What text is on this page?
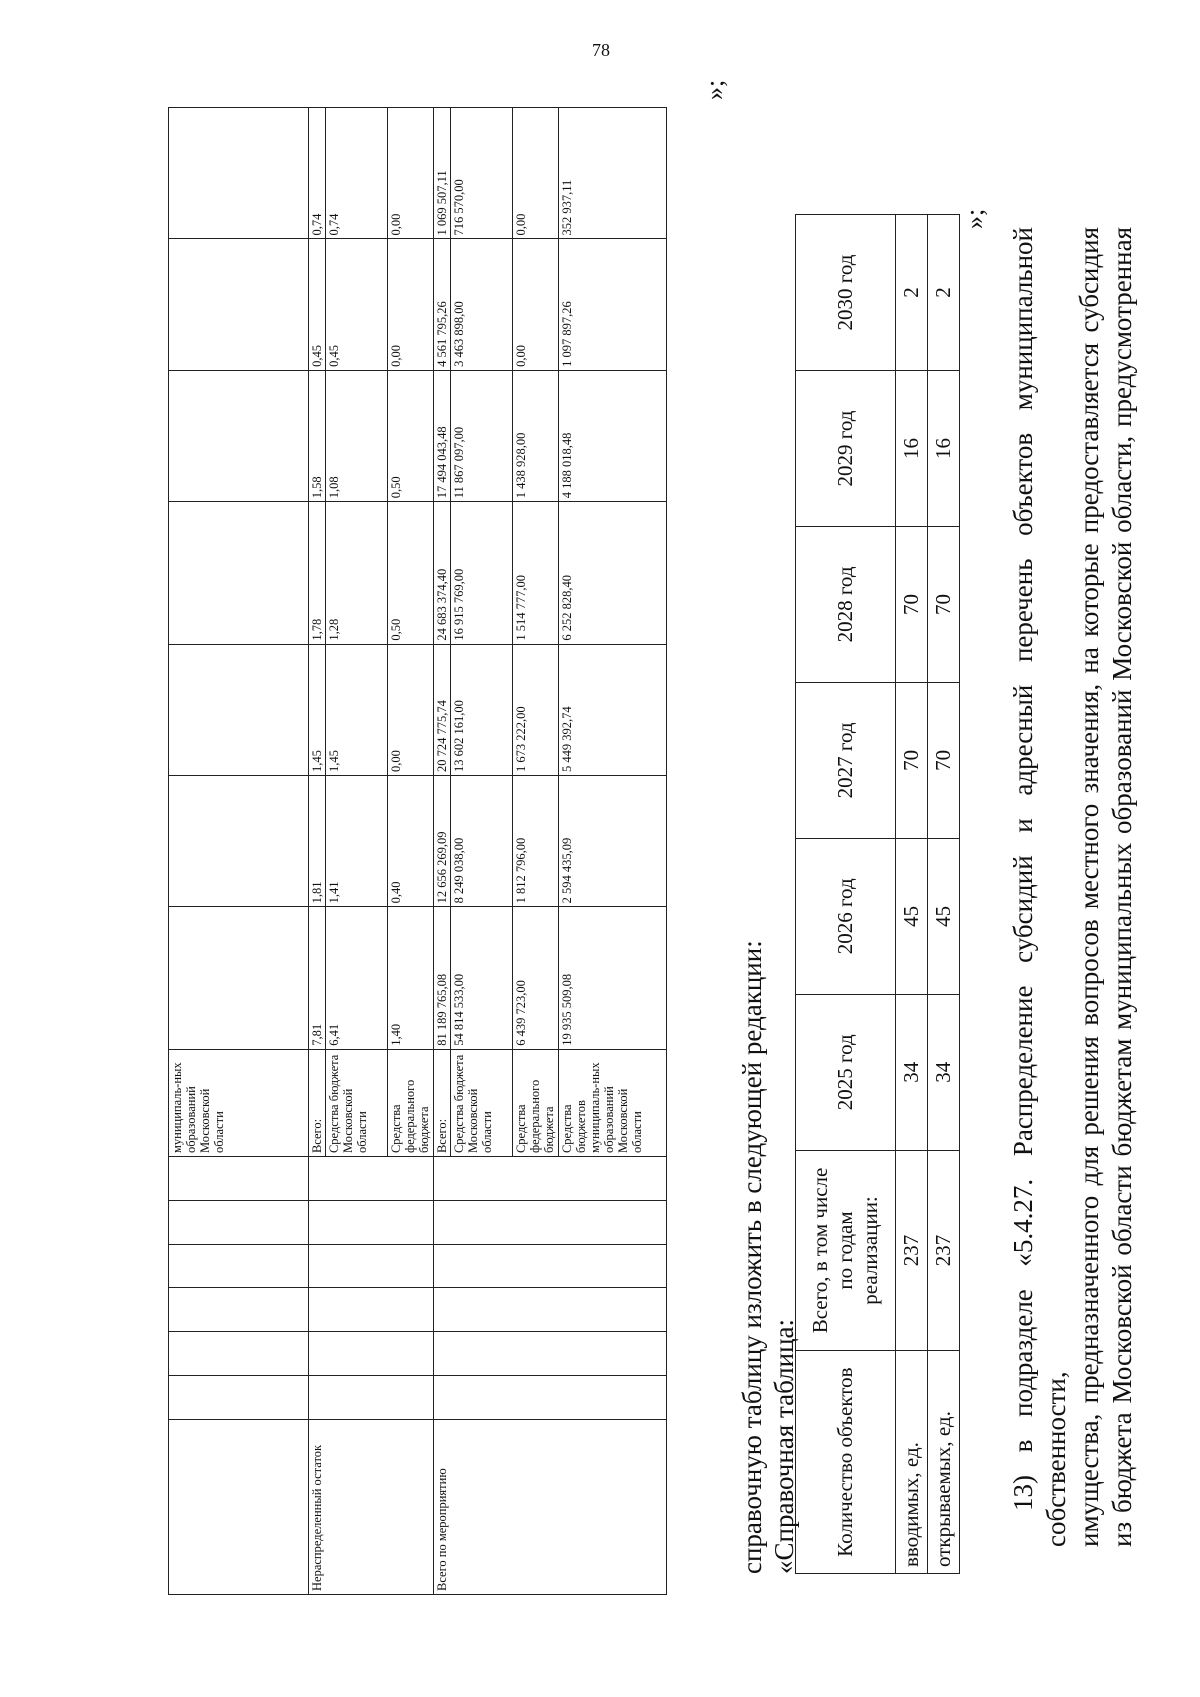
78
							муниципаль-ных образований Московской области							
Нераспределенный остаток							Всего:	7,81	1,81	1,45	1,78	1,58	0,45	0,74
							Средства бюджета Московской области	6,41	1,41	1,45	1,28	1,08	0,45	0,74
							Средства федерального бюджета	1,40	0,40	0,00	0,50	0,50	0,00	0,00
Всего по мероприятию							Всего:	81 189 765,08	12 656 269,09	20 724 775,74	24 683 374,40	17 494 043,48	4 561 795,26	1 069 507,11
							Средства бюджета Московской области	54 814 533,00	8 249 038,00	13 602 161,00	16 915 769,00	11 867 097,00	3 463 898,00	716 570,00
							Средства федерального бюджета	6 439 723,00	1 812 796,00	1 673 222,00	1 514 777,00	1 438 928,00	0,00	0,00
							Средства бюджетов муниципаль-ных образований Московской области	19 935 509,08	2 594 435,09	5 449 392,74	6 252 828,40	4 188 018,48	1 097 897,26	352 937,11
»;
справочную таблицу изложить в следующей редакции: «Справочная таблица: Количество объектов	Всего, в том числе по годам реализации:	2025 год	2026 год	2027 год	2028 год	2029 год	2030 год
вводимых, ед.	237	34	45	70	70	16	2
открываемых, ед.	237	34	45	70	70	16	2
»;
13) в подразделе «5.4.27. Распределение субсидий и адресный перечень объектов муниципальной собственности, имущества, предназначенного для решения вопросов местного значения, на которые предоставляется субсидия из бюджета Московской области бюджетам муниципальных образований Московской области, предусмотренная
